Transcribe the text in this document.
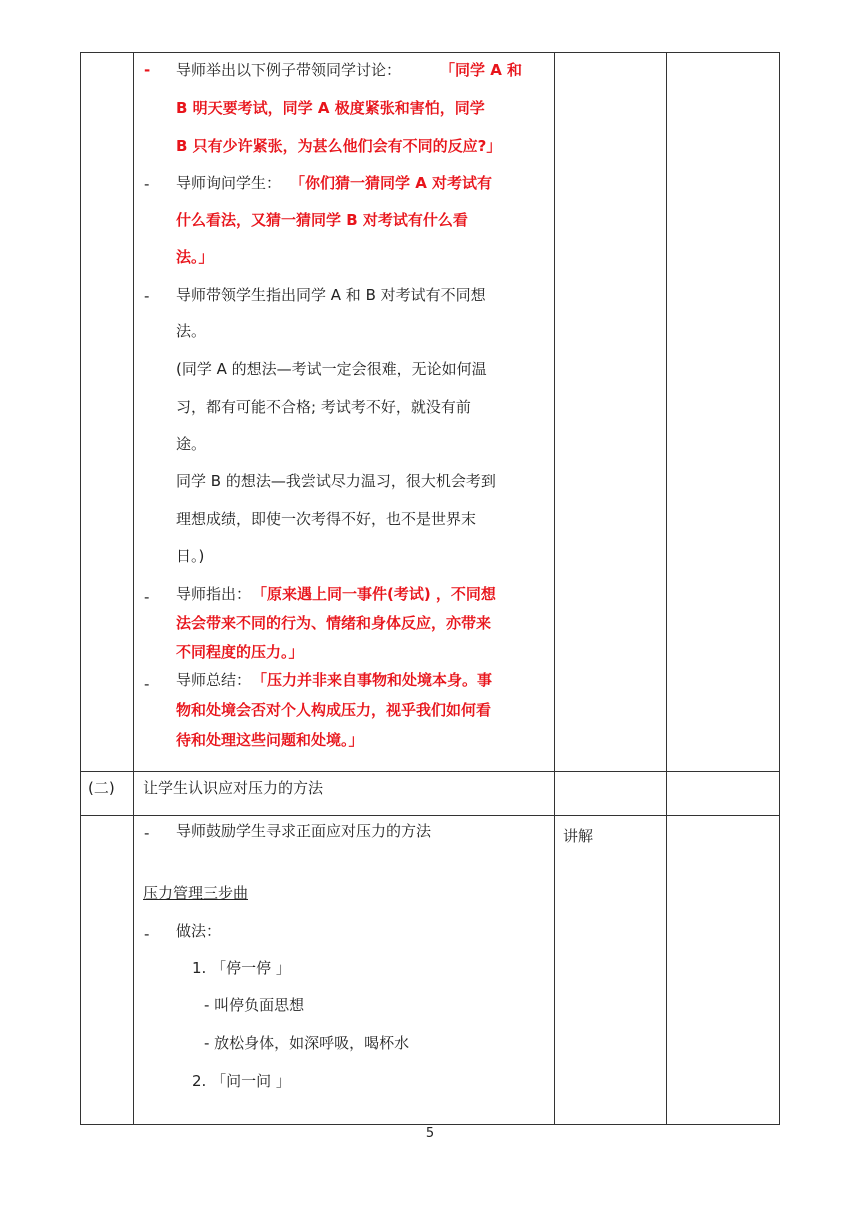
- 导师举出以下例子带领同学讨论：	「同学 A 和
B 明天要考试，同学 A 极度紧张和害怕，同学
B 只有少许紧张，为甚么他们会有不同的反应?」
- 导师询问学生： 「你们猜一猜同学 A 对考试有
什么看法，又猜一猜同学 B 对考试有什么看
法。」
- 导师带领学生指出同学 A 和 B 对考试有不同想
法。
(同学 A 的想法—考试一定会很难，无论如何温
习，都有可能不合格; 考试考不好，就没有前
途。
同学 B 的想法—我尝试尽力温习，很大机会考到
理想成绩，即使一次考得不好，也不是世界末
日。)
- 导师指出： 「原来遇上同一事件(考试) ，不同想
法会带来不同的行为、情绪和身体反应，亦带来
不同程度的压力。」
- 导师总结： 「压力并非来自事物和处境本身。事
物和处境会否对个人构成压力，视乎我们如何看
待和处理这些问题和处境。」
(二) 让学生认识应对压力的方法
- 导师鼓励学生寻求正面应对压力的方法	讲解
压力管理三步曲
- 做法：
1. 「停一停 」
- 叫停负面思想
- 放松身体，如深呼吸，喝杯水
2. 「问一问 」
5
